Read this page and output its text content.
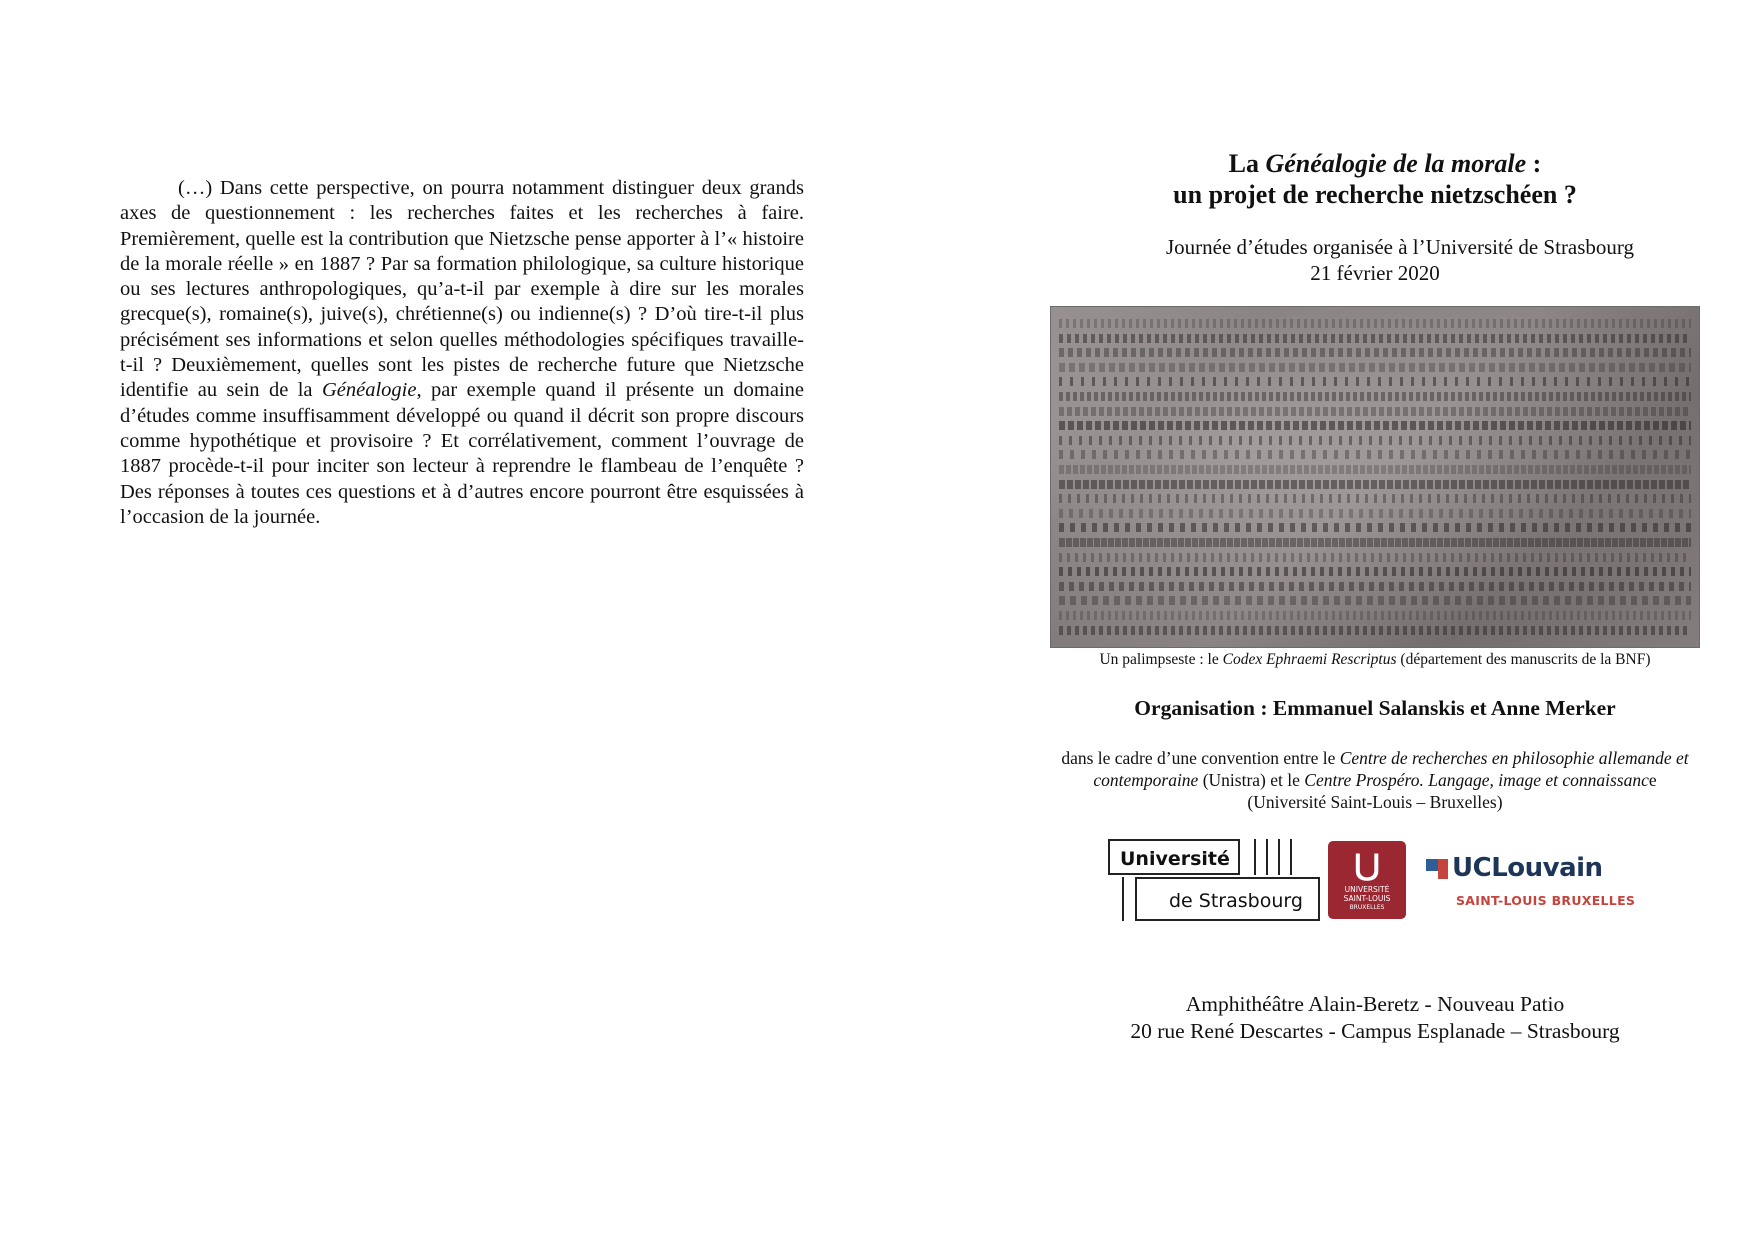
(…) Dans cette perspective, on pourra notamment distinguer deux grands axes de questionnement : les recherches faites et les recherches à faire. Premièrement, quelle est la contribution que Nietzsche pense apporter à l’« histoire de la morale réelle » en 1887 ? Par sa formation philologique, sa culture historique ou ses lectures anthropologiques, qu’a-t-il par exemple à dire sur les morales grecque(s), romaine(s), juive(s), chrétienne(s) ou indienne(s) ? D’où tire-t-il plus précisément ses informations et selon quelles méthodologies spécifiques travaille-t-il ? Deuxièmement, quelles sont les pistes de recherche future que Nietzsche identifie au sein de la Généalogie, par exemple quand il présente un domaine d’études comme insuffisamment développé ou quand il décrit son propre discours comme hypothétique et provisoire ? Et corrélativement, comment l’ouvrage de 1887 procède-t-il pour inciter son lecteur à reprendre le flambeau de l’enquête ? Des réponses à toutes ces questions et à d’autres encore pourront être esquissées à l’occasion de la journée.

La Généalogie de la morale :
un projet de recherche nietzschéen ?
Journée d’études organisée à l’Université de Strasbourg
21 février 2020
Un palimpseste : le Codex Ephraemi Rescriptus (département des manuscrits de la BNF)
Organisation : Emmanuel Salanskis et Anne Merker
dans le cadre d’une convention entre le Centre de recherches en philosophie allemande et contemporaine (Unistra) et le Centre Prospéro. Langage, image et connaissance (Université Saint-Louis – Bruxelles)
Université
de Strasbourg
⋃
UNIVERSITÉ
SAINT-LOUIS
BRUXELLES
UCLouvain
SAINT-LOUIS BRUXELLES
Amphithéâtre Alain-Beretz - Nouveau Patio
20 rue René Descartes - Campus Esplanade – Strasbourg
